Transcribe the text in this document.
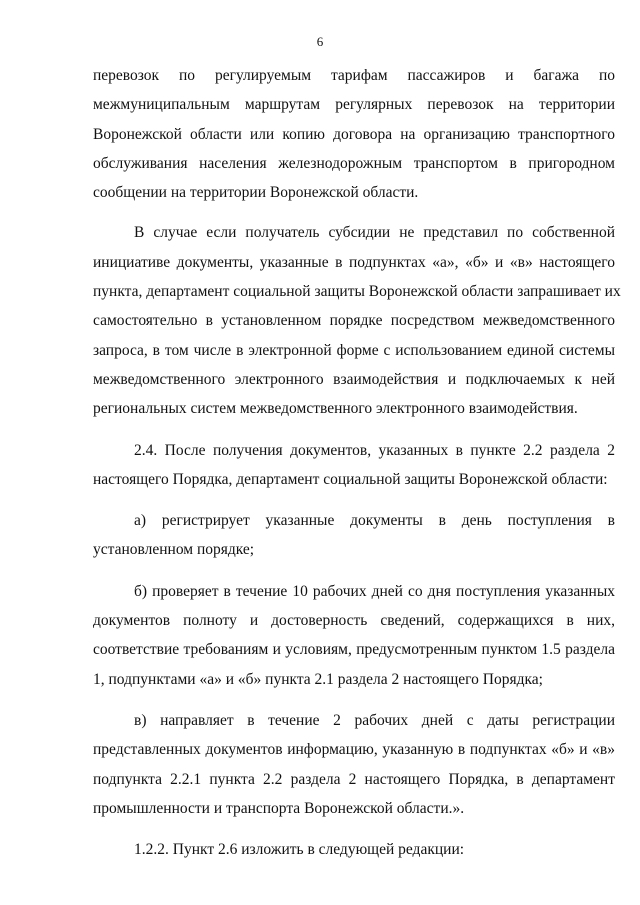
6

перевозок по регулируемым тарифам пассажиров и багажа по
межмуниципальным маршрутам регулярных перевозок на территории
Воронежской области или копию договора на организацию транспортного
обслуживания населения железнодорожным транспортом в пригородном
сообщении на территории Воронежской области.

В случае если получатель субсидии не представил по собственной
инициативе документы, указанные в подпунктах «а», «б» и «в» настоящего
пункта, департамент социальной защиты Воронежской области запрашивает их
самостоятельно в установленном порядке посредством межведомственного
запроса, в том числе в электронной форме с использованием единой системы
межведомственного электронного взаимодействия и подключаемых к ней
региональных систем межведомственного электронного взаимодействия.

2.4. После получения документов, указанных в пункте 2.2 раздела 2
настоящего Порядка, департамент социальной защиты Воронежской области:

а) регистрирует указанные документы в день поступления в
установленном порядке;

б) проверяет в течение 10 рабочих дней со дня поступления указанных
документов полноту и достоверность сведений, содержащихся в них,
соответствие требованиям и условиям, предусмотренным пунктом 1.5 раздела
1, подпунктами «а» и «б» пункта 2.1 раздела 2 настоящего Порядка;

в) направляет в течение 2 рабочих дней с даты регистрации
представленных документов информацию, указанную в подпунктах «б» и «в»
подпункта 2.2.1 пункта 2.2 раздела 2 настоящего Порядка, в департамент
промышленности и транспорта Воронежской области.».

1.2.2. Пункт 2.6 изложить в следующей редакции:
